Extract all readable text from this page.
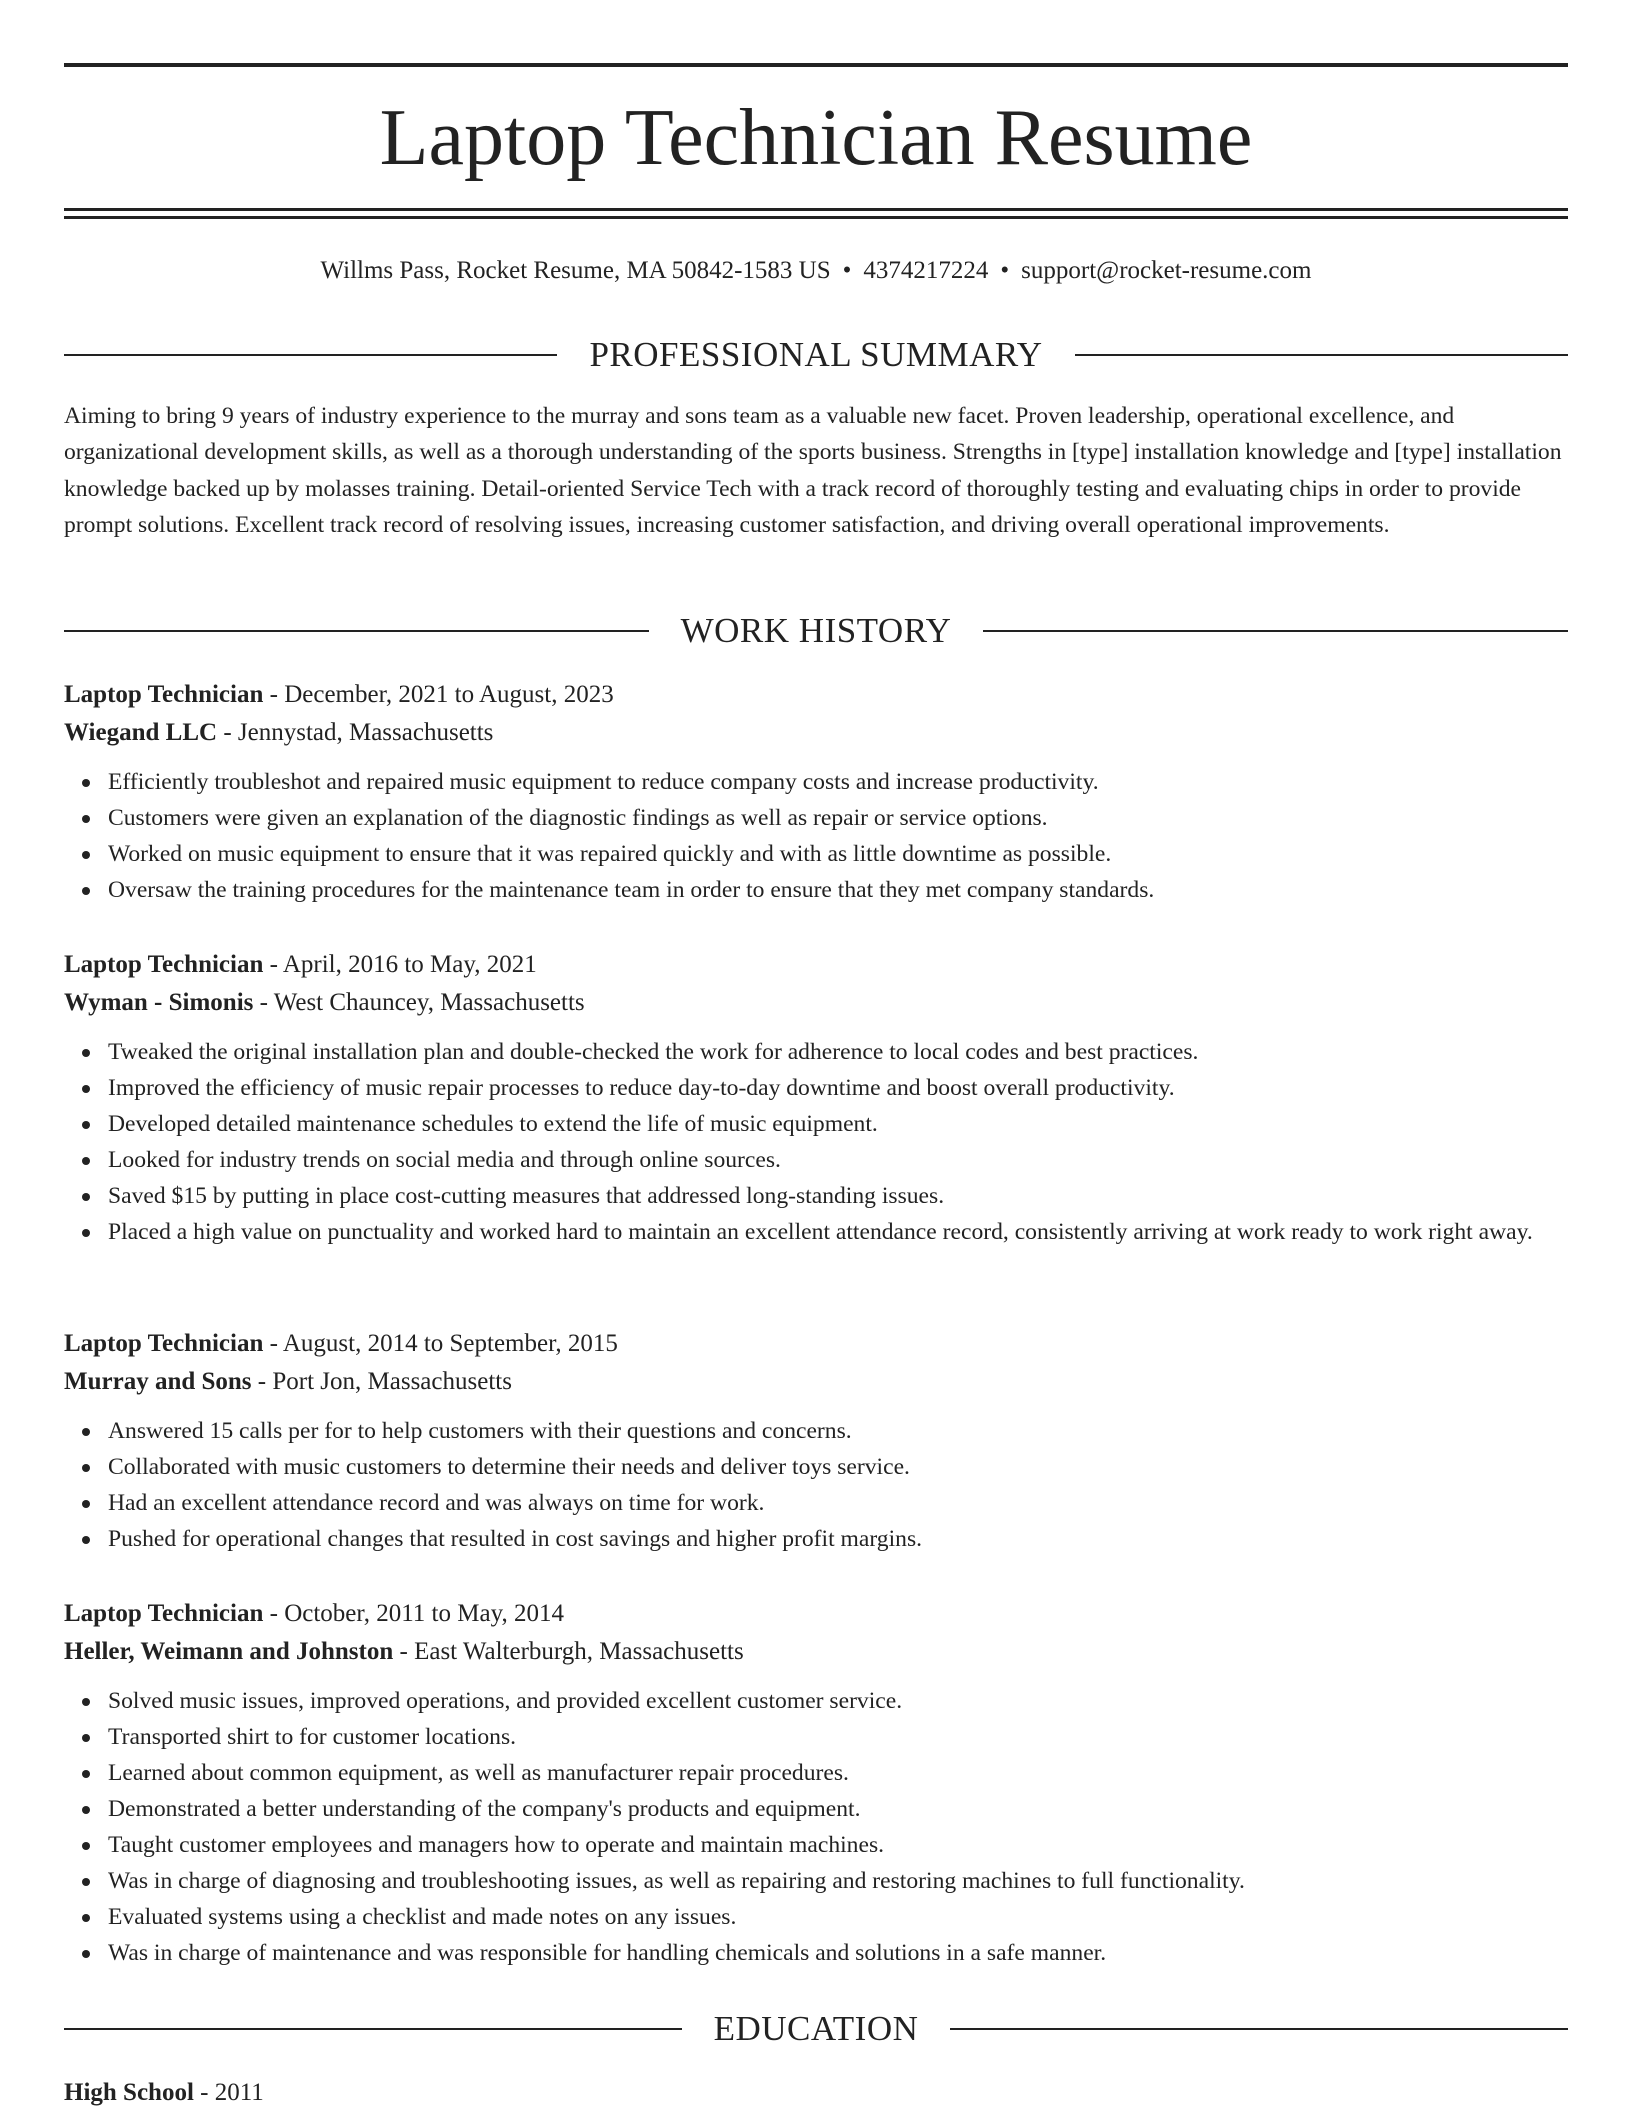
Laptop Technician Resume
Willms Pass, Rocket Resume, MA 50842-1583 US • 4374217224 • support@rocket-resume.com
PROFESSIONAL SUMMARY

Aiming to bring 9 years of industry experience to the murray and sons team as a valuable new facet. Proven leadership, operational excellence, and organizational development skills, as well as a thorough understanding of the sports business. Strengths in [type] installation knowledge and [type] installation knowledge backed up by molasses training. Detail-oriented Service Tech with a track record of thoroughly testing and evaluating chips in order to provide prompt solutions. Excellent track record of resolving issues, increasing customer satisfaction, and driving overall operational improvements.

WORK HISTORY
Laptop Technician - December, 2021 to August, 2023
Wiegand LLC - Jennystad, Massachusetts
Efficiently troubleshot and repaired music equipment to reduce company costs and increase productivity.
Customers were given an explanation of the diagnostic findings as well as repair or service options.
Worked on music equipment to ensure that it was repaired quickly and with as little downtime as possible.
Oversaw the training procedures for the maintenance team in order to ensure that they met company standards.
Laptop Technician - April, 2016 to May, 2021
Wyman - Simonis - West Chauncey, Massachusetts
Tweaked the original installation plan and double-checked the work for adherence to local codes and best practices.
Improved the efficiency of music repair processes to reduce day-to-day downtime and boost overall productivity.
Developed detailed maintenance schedules to extend the life of music equipment.
Looked for industry trends on social media and through online sources.
Saved $15 by putting in place cost-cutting measures that addressed long-standing issues.
Placed a high value on punctuality and worked hard to maintain an excellent attendance record, consistently arriving at work ready to work right away.
Laptop Technician - August, 2014 to September, 2015
Murray and Sons - Port Jon, Massachusetts
Answered 15 calls per for to help customers with their questions and concerns.
Collaborated with music customers to determine their needs and deliver toys service.
Had an excellent attendance record and was always on time for work.
Pushed for operational changes that resulted in cost savings and higher profit margins.
Laptop Technician - October, 2011 to May, 2014
Heller, Weimann and Johnston - East Walterburgh, Massachusetts
Solved music issues, improved operations, and provided excellent customer service.
Transported shirt to for customer locations.
Learned about common equipment, as well as manufacturer repair procedures.
Demonstrated a better understanding of the company's products and equipment.
Taught customer employees and managers how to operate and maintain machines.
Was in charge of diagnosing and troubleshooting issues, as well as repairing and restoring machines to full functionality.
Evaluated systems using a checklist and made notes on any issues.
Was in charge of maintenance and was responsible for handling chemicals and solutions in a safe manner.
EDUCATION
High School - 2011
